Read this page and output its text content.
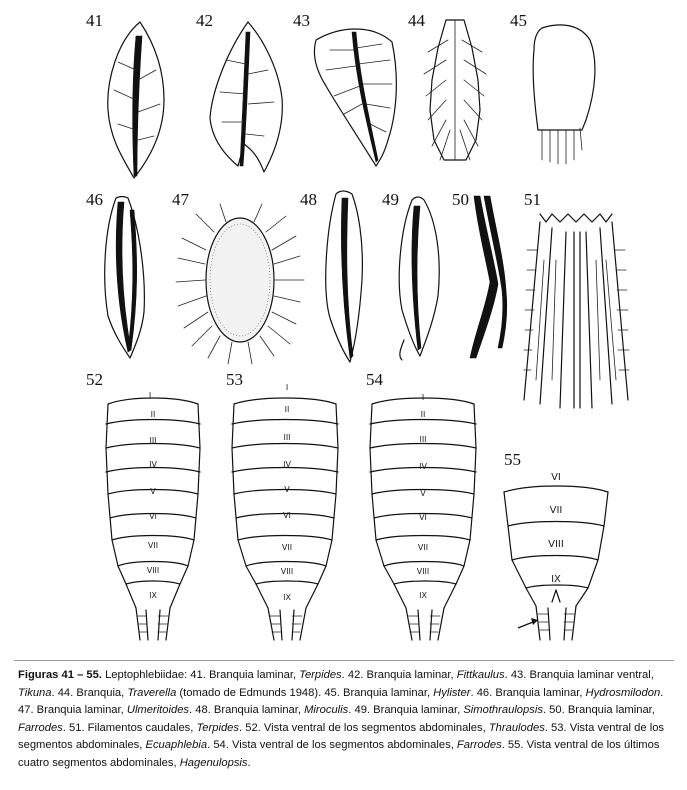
41	42	43	44	45
46	47	48	49	50	51
52
I
II
III
IV
V
VI
VII
VIII
IX
53	I
II
III
IV
V
VI
VII
VIII
IX
54
I
II
III
IV
V
VI
VII
VIII
IX
55
VI
VII
VIII
IX
Figuras 41 – 55. Leptophlebiidae: 41. Branquia laminar, Terpides. 42. Branquia laminar, Fittkaulus. 43. Branquia laminar ventral, Tikuna. 44. Branquia, Traverella (tomado de Edmunds 1948). 45. Branquia laminar, Hylister. 46. Branquia laminar, Hydrosmilodon. 47. Branquia laminar, Ulmeritoides. 48. Branquia laminar, Miroculis. 49. Branquia laminar, Simothraulopsis. 50. Branquia laminar, Farrodes. 51. Filamentos caudales, Terpides. 52. Vista ventral de los segmentos abdominales, Thraulodes. 53. Vista ventral de los segmentos abdominales, Ecuaphlebia. 54. Vista ventral de los segmentos abdominales, Farrodes. 55. Vista ventral de los últimos cuatro segmentos abdominales, Hagenulopsis.
